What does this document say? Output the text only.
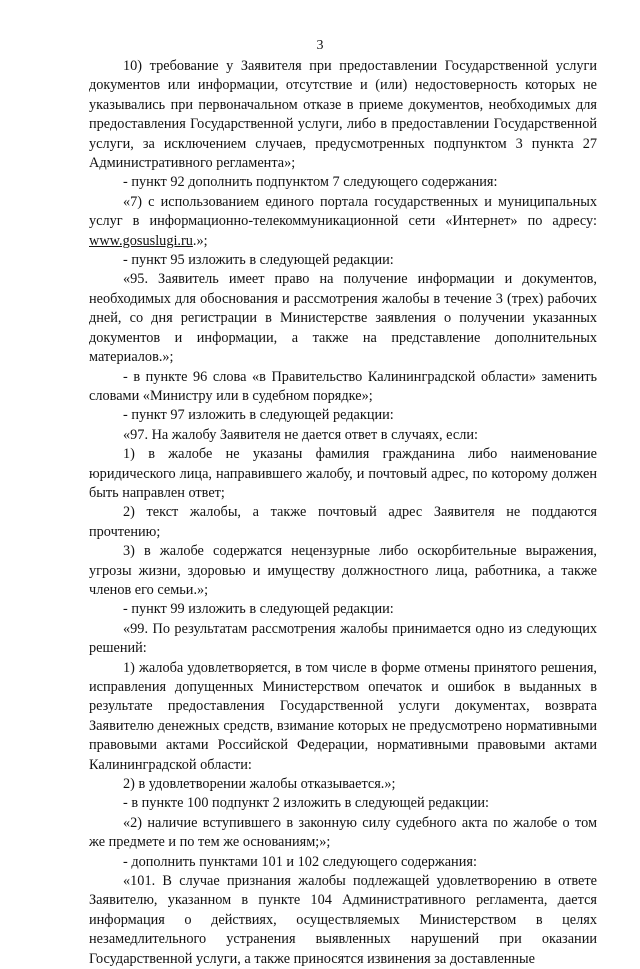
3

10) требование у Заявителя при предоставлении Государственной услуги документов или информации, отсутствие и (или) недостоверность которых не указывались при первоначальном отказе в приеме документов, необходимых для предоставления Государственной услуги, либо в предоставлении Государственной услуги, за исключением случаев, предусмотренных подпунктом 3 пункта 27 Административного регламента»;

- пункт 92 дополнить подпунктом 7 следующего содержания:

«7) с использованием единого портала государственных и муниципальных услуг в информационно-телекоммуникационной сети «Интернет» по адресу: www.gosuslugi.ru.»;

- пункт 95 изложить в следующей редакции:

«95. Заявитель имеет право на получение информации и документов, необходимых для обоснования и рассмотрения жалобы в течение 3 (трех) рабочих дней, со дня регистрации в Министерстве заявления о получении указанных документов и информации, а также на представление дополнительных материалов.»;

- в пункте 96 слова «в Правительство Калининградской области» заменить словами «Министру или в судебном порядке»;

- пункт 97 изложить в следующей редакции:

«97. На жалобу Заявителя не дается ответ в случаях, если:

1) в жалобе не указаны фамилия гражданина либо наименование юридического лица, направившего жалобу, и почтовый адрес, по которому должен быть направлен ответ;

2) текст жалобы, а также почтовый адрес Заявителя не поддаются прочтению;

3) в жалобе содержатся нецензурные либо оскорбительные выражения, угрозы жизни, здоровью и имуществу должностного лица, работника, а также членов его семьи.»;

- пункт 99 изложить в следующей редакции:

«99. По результатам рассмотрения жалобы принимается одно из следующих решений:

1) жалоба удовлетворяется, в том числе в форме отмены принятого решения, исправления допущенных Министерством опечаток и ошибок в выданных в результате предоставления Государственной услуги документах, возврата Заявителю денежных средств, взимание которых не предусмотрено нормативными правовыми актами Российской Федерации, нормативными правовыми актами Калининградской области:

2) в удовлетворении жалобы отказывается.»;

- в пункте 100 подпункт 2 изложить в следующей редакции:

«2) наличие вступившего в законную силу судебного акта по жалобе о том же предмете и по тем же основаниям;»;

- дополнить пунктами 101 и 102 следующего содержания:

«101. В случае признания жалобы подлежащей удовлетворению в ответе Заявителю, указанном в пункте 104 Административного регламента, дается информация о действиях, осуществляемых Министерством в целях незамедлительного устранения выявленных нарушений при оказании Государственной услуги, а также приносятся извинения за доставленные
